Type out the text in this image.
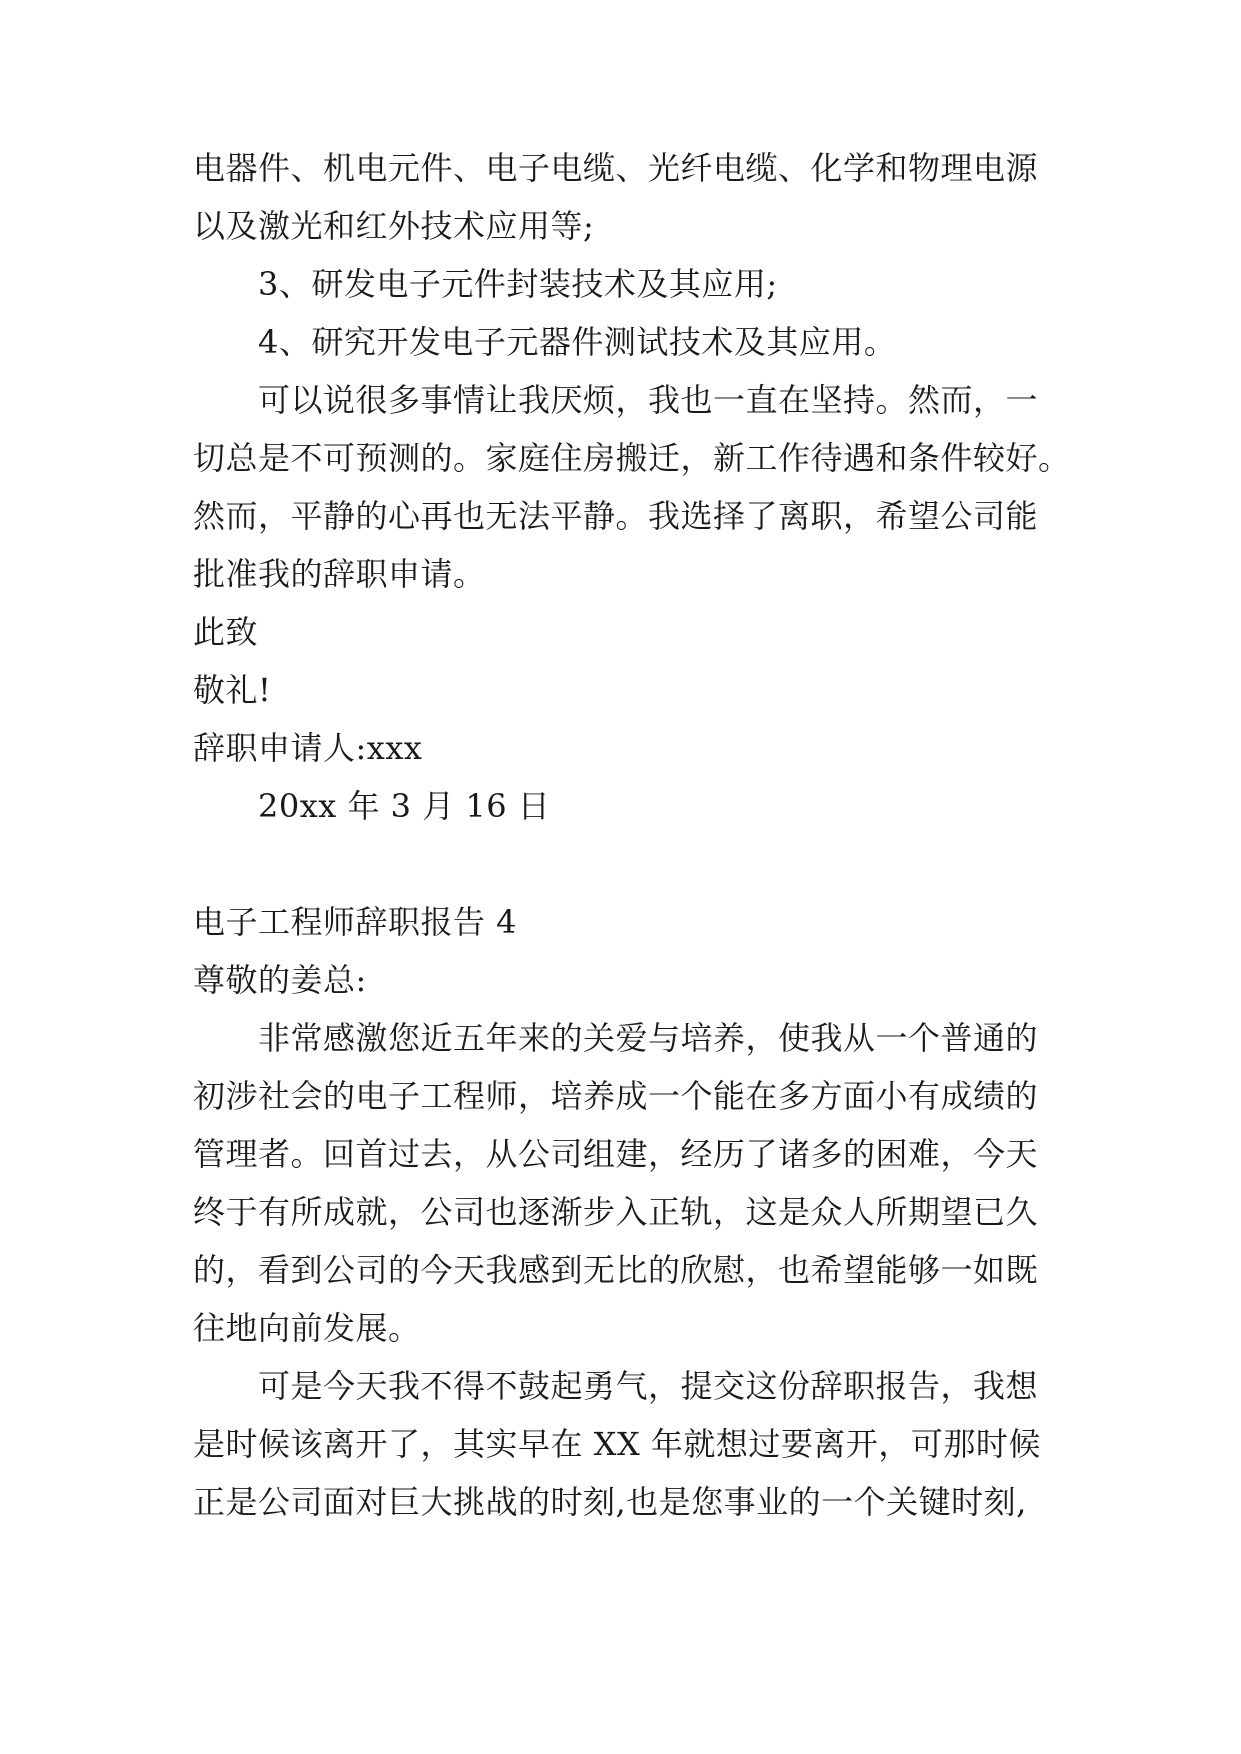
电器件、机电元件、电子电缆、光纤电缆、化学和物理电源
以及激光和红外技术应用等;
3、研发电子元件封装技术及其应用;
4、研究开发电子元器件测试技术及其应用。
可以说很多事情让我厌烦，我也一直在坚持。然而，一
切总是不可预测的。家庭住房搬迁，新工作待遇和条件较好。
然而，平静的心再也无法平静。我选择了离职，希望公司能
批准我的辞职申请。
此致
敬礼!
辞职申请人:xxx
20xx 年 3 月 16 日
电子工程师辞职报告 4
尊敬的姜总:
非常感激您近五年来的关爱与培养，使我从一个普通的
初涉社会的电子工程师，培养成一个能在多方面小有成绩的
管理者。回首过去，从公司组建，经历了诸多的困难，今天
终于有所成就，公司也逐渐步入正轨，这是众人所期望已久
的，看到公司的今天我感到无比的欣慰，也希望能够一如既
往地向前发展。
可是今天我不得不鼓起勇气，提交这份辞职报告，我想
是时候该离开了，其实早在 XX 年就想过要离开，可那时候
正是公司面对巨大挑战的时刻,也是您事业的一个关键时刻,
